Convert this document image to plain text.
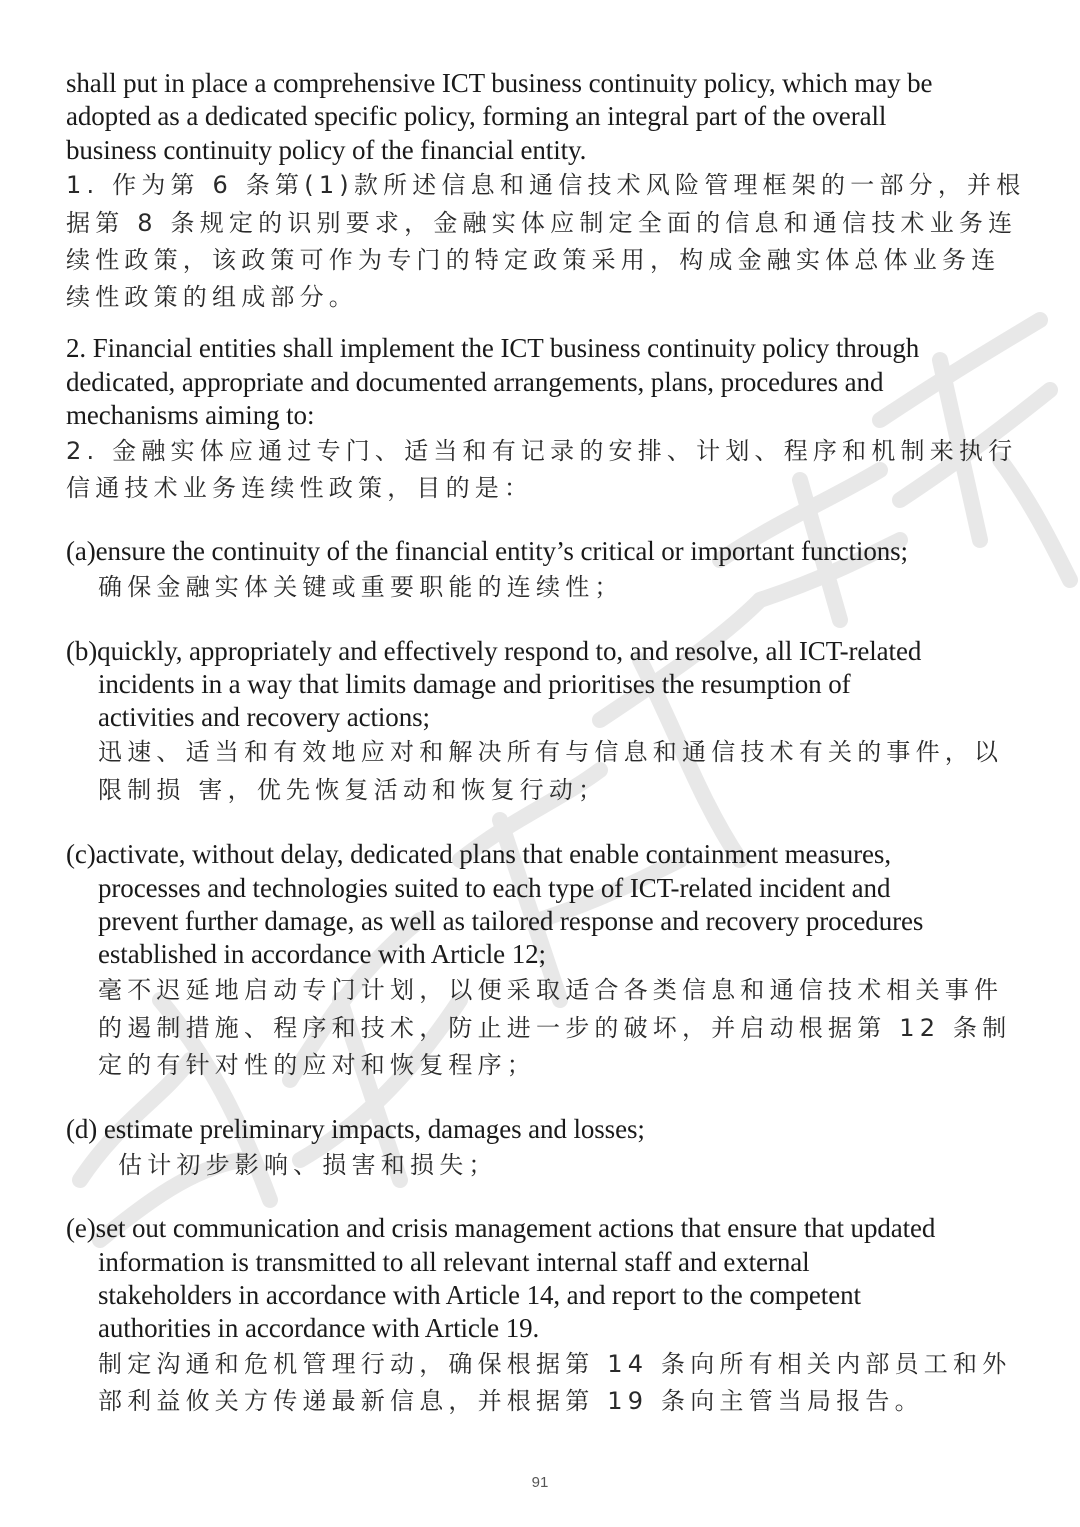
shall put in place a comprehensive ICT business continuity policy, which may be

adopted as a dedicated specific policy, forming an integral part of the overall

business continuity policy of the financial entity.

1. 作为第 6 条第(1)款所述信息和通信技术风险管理框架的一部分，并根

据第 8 条规定的识别要求，金融实体应制定全面的信息和通信技术业务连

续性政策，该政策可作为专门的特定政策采用，构成金融实体总体业务连

续性政策的组成部分。

2. Financial entities shall implement the ICT business continuity policy through

dedicated, appropriate and documented arrangements, plans, procedures and

mechanisms aiming to:

2. 金融实体应通过专门、适当和有记录的安排、计划、程序和机制来执行

信通技术业务连续性政策，目的是：

(a)ensure the continuity of the financial entity’s critical or important functions;

确保金融实体关键或重要职能的连续性；

(b)quickly, appropriately and effectively respond to, and resolve, all ICT-related

incidents in a way that limits damage and prioritises the resumption of

activities and recovery actions;

迅速、适当和有效地应对和解决所有与信息和通信技术有关的事件，以

限制损 害，优先恢复活动和恢复行动；

(c)activate, without delay, dedicated plans that enable containment measures,

processes and technologies suited to each type of ICT-related incident and

prevent further damage, as well as tailored response and recovery procedures

established in accordance with Article 12;

毫不迟延地启动专门计划，以便采取适合各类信息和通信技术相关事件

的遏制措施、程序和技术，防止进一步的破坏，并启动根据第 12 条制

定的有针对性的应对和恢复程序；

(d) estimate preliminary impacts, damages and losses;

估计初步影响、损害和损失；

(e)set out communication and crisis management actions that ensure that updated

information is transmitted to all relevant internal staff and external

stakeholders in accordance with Article 14, and report to the competent

authorities in accordance with Article 19.

制定沟通和危机管理行动，确保根据第 14 条向所有相关内部员工和外

部利益攸关方传递最新信息，并根据第 19 条向主管当局报告。

91
